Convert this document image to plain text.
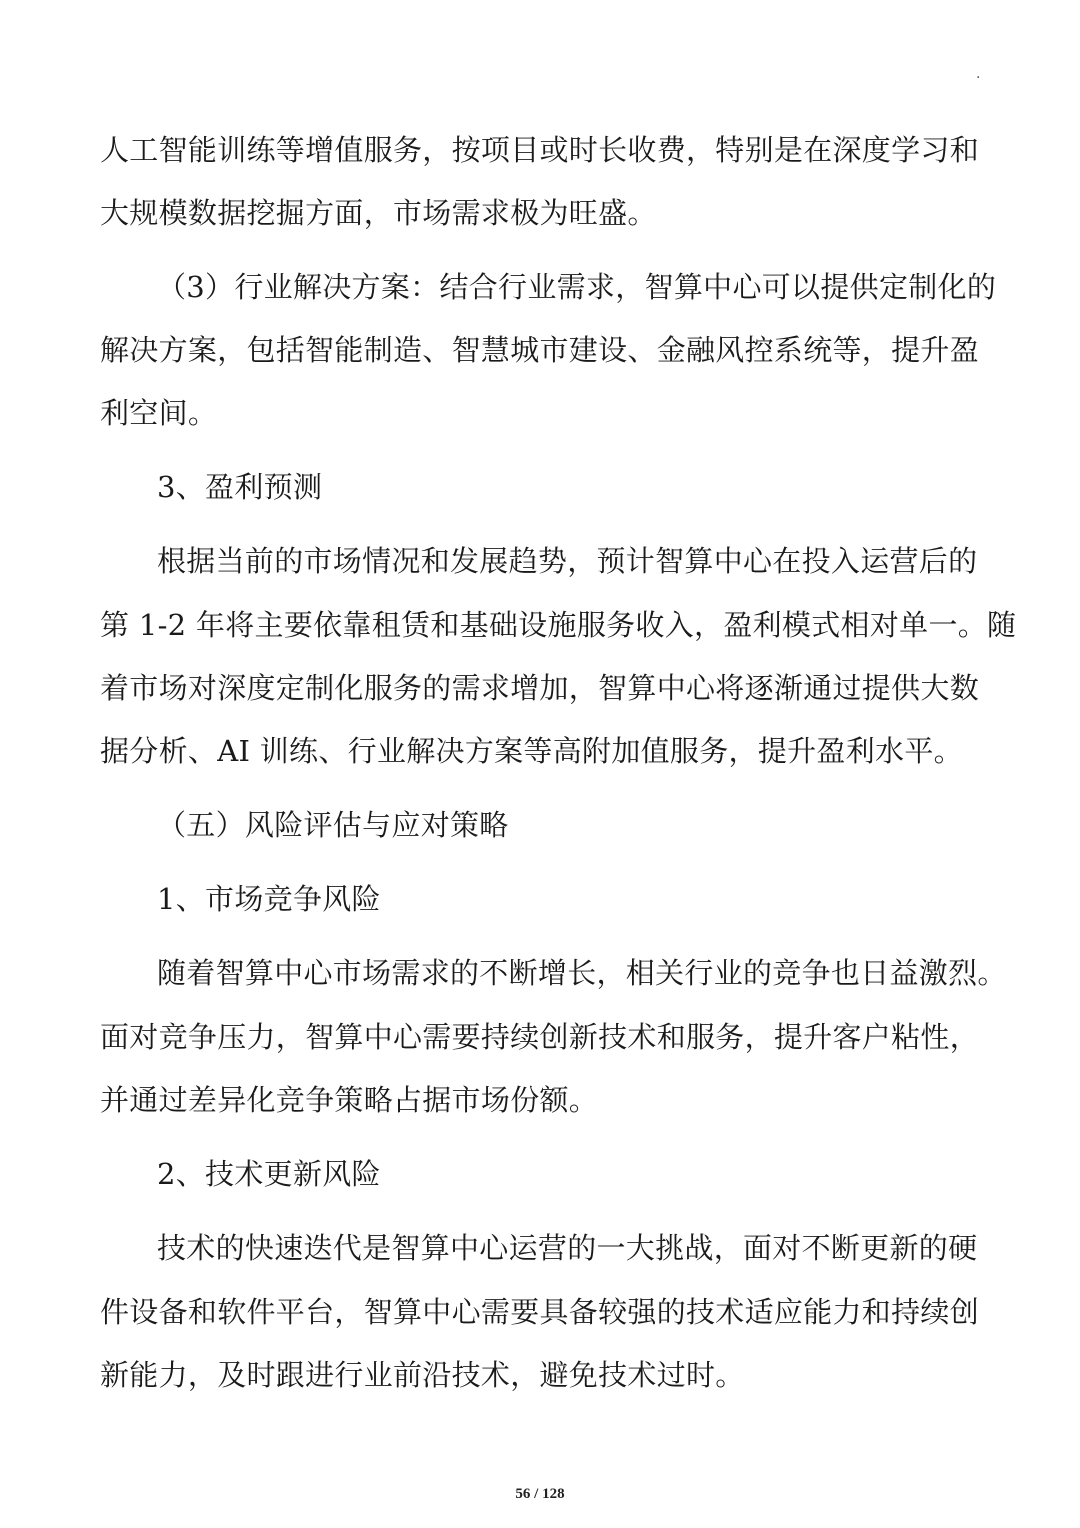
·
人工智能训练等增值服务，按项目或时长收费，特别是在深度学习和
大规模数据挖掘方面，市场需求极为旺盛。
（3）行业解决方案：结合行业需求，智算中心可以提供定制化的
解决方案，包括智能制造、智慧城市建设、金融风控系统等，提升盈
利空间。
3、盈利预测
根据当前的市场情况和发展趋势，预计智算中心在投入运营后的
第 1-2 年将主要依靠租赁和基础设施服务收入，盈利模式相对单一。随
着市场对深度定制化服务的需求增加，智算中心将逐渐通过提供大数
据分析、AI 训练、行业解决方案等高附加值服务，提升盈利水平。
（五）风险评估与应对策略
1、市场竞争风险
随着智算中心市场需求的不断增长，相关行业的竞争也日益激烈。
面对竞争压力，智算中心需要持续创新技术和服务，提升客户粘性，
并通过差异化竞争策略占据市场份额。
2、技术更新风险
技术的快速迭代是智算中心运营的一大挑战，面对不断更新的硬
件设备和软件平台，智算中心需要具备较强的技术适应能力和持续创
新能力，及时跟进行业前沿技术，避免技术过时。
56 / 128
